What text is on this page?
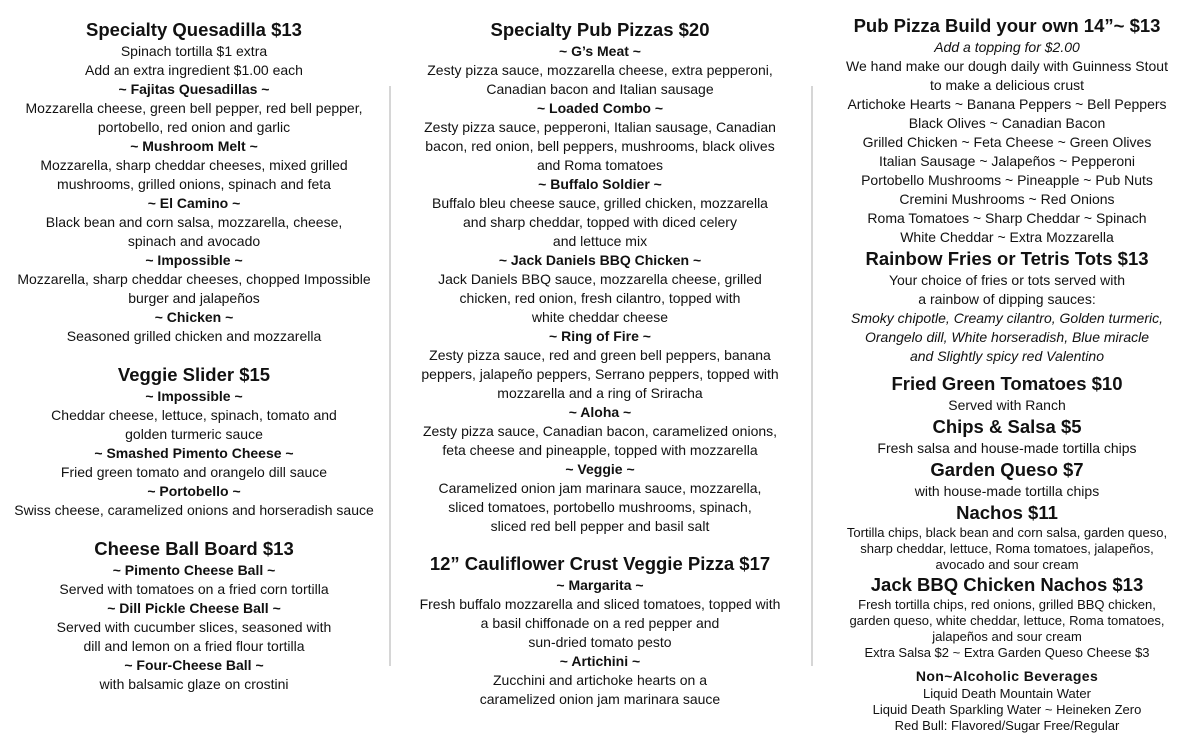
Specialty Quesadilla $13
Spinach tortilla $1 extra
Add an extra ingredient $1.00 each
~ Fajitas Quesadillas ~
Mozzarella cheese, green bell pepper, red bell pepper,
portobello, red onion and garlic
~ Mushroom Melt ~
Mozzarella, sharp cheddar cheeses, mixed grilled
mushrooms, grilled onions, spinach and feta
~ El Camino ~
Black bean and corn salsa, mozzarella, cheese,
spinach and avocado
~ Impossible ~
Mozzarella, sharp cheddar cheeses, chopped Impossible
burger and jalapeños
~ Chicken ~
Seasoned grilled chicken and mozzarella
Veggie Slider $15
~ Impossible ~
Cheddar cheese, lettuce, spinach, tomato and
golden turmeric sauce
~ Smashed Pimento Cheese ~
Fried green tomato and orangelo dill sauce
~ Portobello ~
Swiss cheese, caramelized onions and horseradish sauce
Cheese Ball Board $13
~ Pimento Cheese Ball ~
Served with tomatoes on a fried corn tortilla
~ Dill Pickle Cheese Ball ~
Served with cucumber slices, seasoned with
dill and lemon on a fried flour tortilla
~ Four-Cheese Ball ~
with balsamic glaze on crostini
Specialty Pub Pizzas $20
~ G’s Meat ~
Zesty pizza sauce, mozzarella cheese, extra pepperoni,
Canadian bacon and Italian sausage
~ Loaded Combo ~
Zesty pizza sauce, pepperoni, Italian sausage, Canadian
bacon, red onion, bell peppers, mushrooms, black olives
and Roma tomatoes
~ Buffalo Soldier ~
Buffalo bleu cheese sauce, grilled chicken, mozzarella
and sharp cheddar, topped with diced celery
and lettuce mix
~ Jack Daniels BBQ Chicken ~
Jack Daniels BBQ sauce, mozzarella cheese, grilled
chicken, red onion, fresh cilantro, topped with
white cheddar cheese
~ Ring of Fire ~
Zesty pizza sauce, red and green bell peppers, banana
peppers, jalapeño peppers, Serrano peppers, topped with
mozzarella and a ring of Sriracha
~ Aloha ~
Zesty pizza sauce, Canadian bacon, caramelized onions,
feta cheese and pineapple, topped with mozzarella
~ Veggie ~
Caramelized onion jam marinara sauce, mozzarella,
sliced tomatoes, portobello mushrooms, spinach,
sliced red bell pepper and basil salt
12” Cauliflower Crust Veggie Pizza $17
~ Margarita ~
Fresh buffalo mozzarella and sliced tomatoes, topped with
a basil chiffonade on a red pepper and
sun-dried tomato pesto
~ Artichini ~
Zucchini and artichoke hearts on a
caramelized onion jam marinara sauce
Pub Pizza Build your own 14”~ $13
Add a topping for $2.00
We hand make our dough daily with Guinness Stout
to make a delicious crust
Artichoke Hearts ~ Banana Peppers ~ Bell Peppers
Black Olives ~ Canadian Bacon
Grilled Chicken ~ Feta Cheese ~ Green Olives
Italian Sausage ~ Jalapeños ~ Pepperoni
Portobello Mushrooms ~ Pineapple ~ Pub Nuts
Cremini Mushrooms ~ Red Onions
Roma Tomatoes ~ Sharp Cheddar ~ Spinach
White Cheddar ~ Extra Mozzarella
Rainbow Fries or Tetris Tots $13
Your choice of fries or tots served with
a rainbow of dipping sauces:
Smoky chipotle, Creamy cilantro, Golden turmeric,
Orangelo dill, White horseradish, Blue miracle
and Slightly spicy red Valentino
Fried Green Tomatoes $10
Served with Ranch
Chips & Salsa $5
Fresh salsa and house-made tortilla chips
Garden Queso $7
with house-made tortilla chips
Nachos $11
Tortilla chips, black bean and corn salsa, garden queso,
sharp cheddar, lettuce, Roma tomatoes, jalapeños,
avocado and sour cream
Jack BBQ Chicken Nachos $13
Fresh tortilla chips, red onions, grilled BBQ chicken,
garden queso, white cheddar, lettuce, Roma tomatoes,
jalapeños and sour cream
Extra Salsa $2 ~ Extra Garden Queso Cheese $3
Non~Alcoholic Beverages
Liquid Death Mountain Water
Liquid Death Sparkling Water ~ Heineken Zero
Red Bull: Flavored/Sugar Free/Regular
